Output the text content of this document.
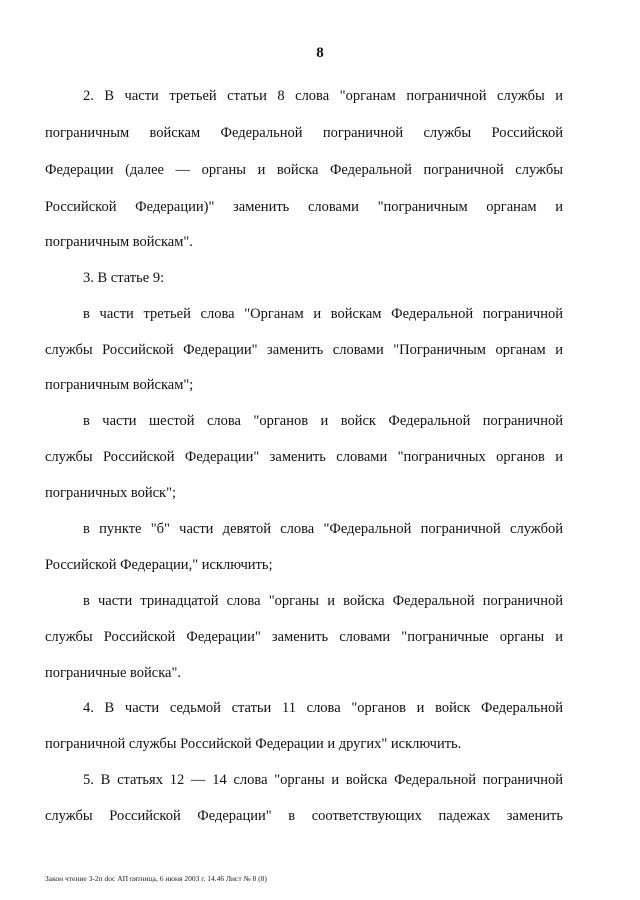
8
2. В части третьей статьи 8 слова "органам пограничной службы и
пограничным войскам Федеральной пограничной службы Российской
Федерации (далее — органы и войска Федеральной пограничной службы
Российской Федерации)" заменить словами "пограничным органам и
пограничным войскам".
3. В статье 9:
в части третьей слова "Органам и войскам Федеральной пограничной
службы Российской Федерации" заменить словами "Пограничным органам и
пограничным войскам";
в части шестой слова "органов и войск Федеральной пограничной
службы Российской Федерации" заменить словами "пограничных органов и
пограничных войск";
в пункте "б" части девятой слова "Федеральной пограничной службой
Российской Федерации," исключить;
в части тринадцатой слова "органы и войска Федеральной пограничной
службы Российской Федерации" заменить словами "пограничные органы и
пограничные войска".
4. В части седьмой статьи 11 слова "органов и войск Федеральной
пограничной службы Российской Федерации и других" исключить.
5. В статьях 12 — 14 слова "органы и войска Федеральной пограничной
службы Российской Федерации" в соответствующих падежах заменить
Закон чтение 3-2п doc АП пятница, 6 июня 2003 г. 14.46 Лист № 8 (8)
